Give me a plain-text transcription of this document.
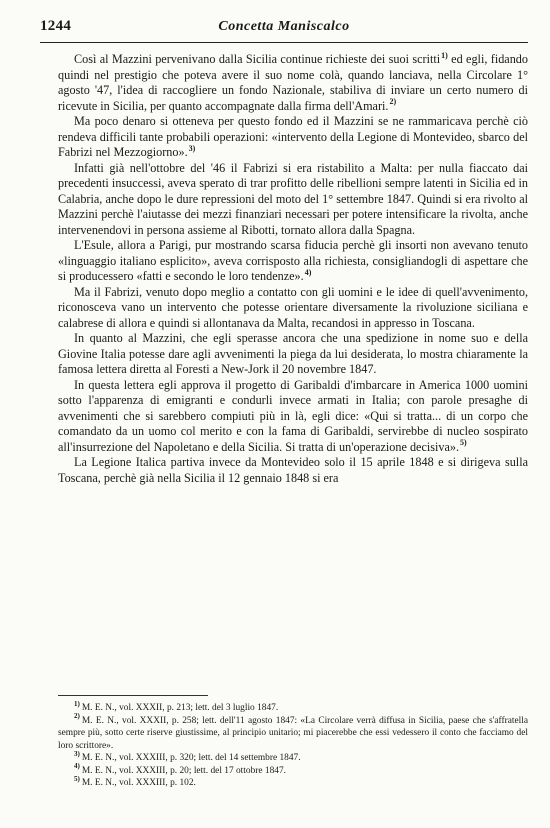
1244	Concetta Maniscalco

Così al Mazzini pervenivano dalla Sicilia continue richieste dei suoi scritti$^{1)}$ ed egli, fidando quindi nel prestigio che poteva avere il suo nome colà, quando lanciava, nella Circolare 1° agosto '47, l'idea di raccogliere un fondo Nazionale, stabiliva di inviare un certo numero di ricevute in Sicilia, per quanto accompagnate dalla firma dell'Amari.$^{2)}$

Ma poco denaro si otteneva per questo fondo ed il Mazzini se ne rammaricava perchè ciò rendeva difficili tante probabili operazioni: «intervento della Legione di Montevideo, sbarco del Fabrizi nel Mezzogiorno».$^{3)}$

Infatti già nell'ottobre del '46 il Fabrizi si era ristabilito a Malta: per nulla fiaccato dai precedenti insuccessi, aveva sperato di trar profitto delle ribellioni sempre latenti in Sicilia ed in Calabria, anche dopo le dure repressioni del moto del 1° settembre 1847. Quindi si era rivolto al Mazzini perchè l'aiutasse dei mezzi finanziari necessari per potere intensificare la rivolta, anche intervenendovi in persona assieme al Ribotti, tornato allora dalla Spagna.

L'Esule, allora a Parigi, pur mostrando scarsa fiducia perchè gli insorti non avevano tenuto «linguaggio italiano esplicito», aveva corrisposto alla richiesta, consigliandogli di aspettare che si producessero «fatti e secondo le loro tendenze».$^{4)}$

Ma il Fabrizi, venuto dopo meglio a contatto con gli uomini e le idee di quell'avvenimento, riconosceva vano un intervento che potesse orientare diversamente la rivoluzione siciliana e calabrese di allora e quindi si allontanava da Malta, recandosi in appresso in Toscana.

In quanto al Mazzini, che egli sperasse ancora che una spedizione in nome suo e della Giovine Italia potesse dare agli avvenimenti la piega da lui desiderata, lo mostra chiaramente la famosa lettera diretta al Foresti a New-Jork il 20 novembre 1847.

In questa lettera egli approva il progetto di Garibaldi d'imbarcare in America 1000 uomini sotto l'apparenza di emigranti e condurli invece armati in Italia; con parole presaghe di avvenimenti che si sarebbero compiuti più in là, egli dice: «Qui si tratta... di un corpo che comandato da un uomo col merito e con la fama di Garibaldi, servirebbe di nucleo sospirato all'insurrezione del Napoletano e della Sicilia. Si tratta di un'operazione decisiva».$^{5)}$

La Legione Italica partiva invece da Montevideo solo il 15 aprile 1848 e si dirigeva sulla Toscana, perchè già nella Sicilia il 12 gennaio 1848 si era

$^{1)}$ M. E. N., vol. XXXII, p. 213; lett. del 3 luglio 1847.

$^{2)}$ M. E. N., vol. XXXII, p. 258; lett. dell'11 agosto 1847: «La Circolare verrà diffusa in Sicilia, paese che s'affratella sempre più, sotto certe riserve giustissime, al principio unitario; mi piacerebbe che essi vedessero il conto che facciamo del loro scrittore».

$^{3)}$ M. E. N., vol. XXXIII, p. 320; lett. del 14 settembre 1847.

$^{4)}$ M. E. N., vol. XXXIII, p. 20; lett. del 17 ottobre 1847.

$^{5)}$ M. E. N., vol. XXXIII, p. 102.
